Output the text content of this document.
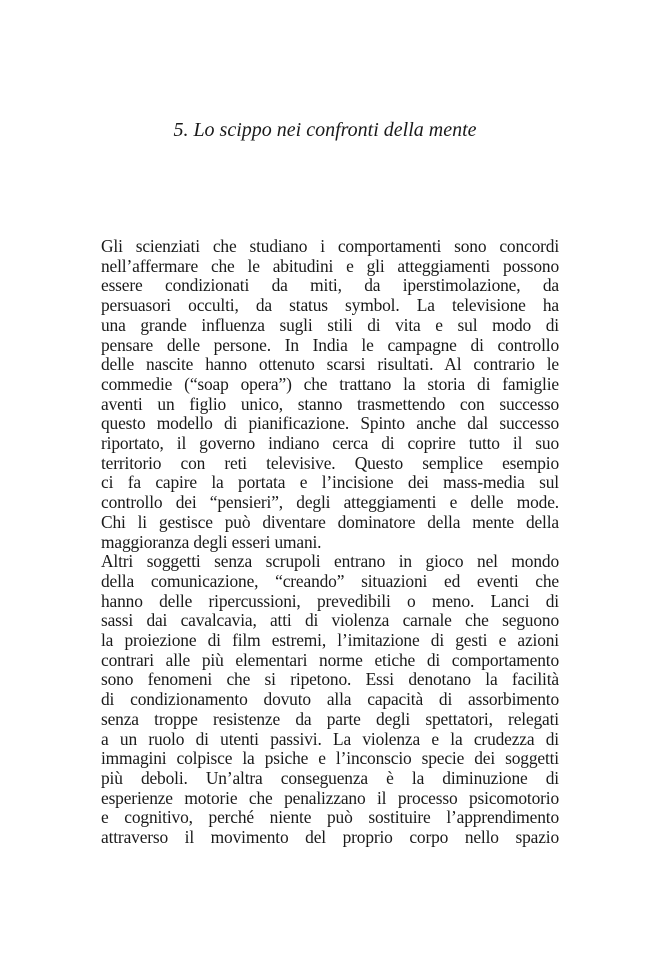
5. Lo scippo nei confronti della mente

Gli scienziati che studiano i comportamenti sono concordi
nell’affermare che le abitudini e gli atteggiamenti possono
essere condizionati da miti, da iperstimolazione, da
persuasori occulti, da status symbol. La televisione ha
una grande influenza sugli stili di vita e sul modo di
pensare delle persone. In India le campagne di controllo
delle nascite hanno ottenuto scarsi risultati. Al contrario le
commedie (“soap opera”) che trattano la storia di famiglie
aventi un figlio unico, stanno trasmettendo con successo
questo modello di pianificazione. Spinto anche dal successo
riportato, il governo indiano cerca di coprire tutto il suo
territorio con reti televisive. Questo semplice esempio
ci fa capire la portata e l’incisione dei mass-media sul
controllo dei “pensieri”, degli atteggiamenti e delle mode.
Chi li gestisce può diventare dominatore della mente della
maggioranza degli esseri umani.

Altri soggetti senza scrupoli entrano in gioco nel mondo
della comunicazione, “creando” situazioni ed eventi che
hanno delle ripercussioni, prevedibili o meno. Lanci di
sassi dai cavalcavia, atti di violenza carnale che seguono
la proiezione di film estremi, l’imitazione di gesti e azioni
contrari alle più elementari norme etiche di comportamento
sono fenomeni che si ripetono. Essi denotano la facilità
di condizionamento dovuto alla capacità di assorbimento
senza troppe resistenze da parte degli spettatori, relegati
a un ruolo di utenti passivi. La violenza e la crudezza di
immagini colpisce la psiche e l’inconscio specie dei soggetti
più deboli. Un’altra conseguenza è la diminuzione di
esperienze motorie che penalizzano il processo psicomotorio
e cognitivo, perché niente può sostituire l’apprendimento
attraverso il movimento del proprio corpo nello spazio
